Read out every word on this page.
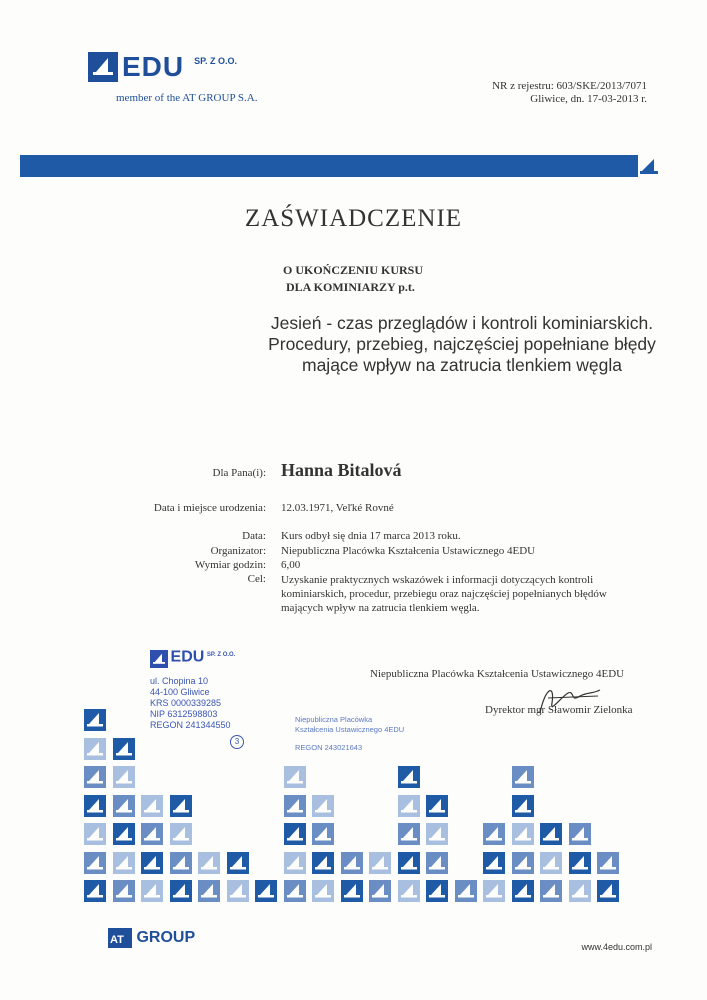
EDU $^{SP. Z O.O.}$
member of the AT GROUP S.A.
NR z rejestru: 603/SKE/2013/7071
Gliwice, dn. 17-03-2013 r.
ZAŚWIADCZENIE
O UKOŃCZENIU KURSU
DLA KOMINIARZY p.t.
Jesień - czas przeglądów i kontroli kominiarskich. Procedury, przebieg, najczęściej popełniane błędy mające wpływ na zatrucia tlenkiem węgla
Dla Pana(i): Hanna Bitalová
Data i miejsce urodzenia: 12.03.1971, Veľké Rovné
Data: Kurs odbył się dnia 17 marca 2013 roku.
Organizator: Niepubliczna Placówka Kształcenia Ustawicznego 4EDU
Wymiar godzin: 6,00
Cel: Uzyskanie praktycznych wskazówek i informacji dotyczących kontroli kominiarskich, procedur, przebiegu oraz najczęściej popełnianych błędów mających wpływ na zatrucia tlenkiem węgla.
Niepubliczna Placówka Kształcenia Ustawicznego 4EDU
Dyrektor mgr Sławomir Zielonka
EDU $^{SP. Z O.O.}$
ul. Chopina 10
44-100 Gliwice
KRS 0000339285
NIP 6312598803
REGON 241344550
3
Niepubliczna Placówka
Kształcenia Ustawicznego 4EDU
REGON 243021643
AT GROUP
www.4edu.com.pl
